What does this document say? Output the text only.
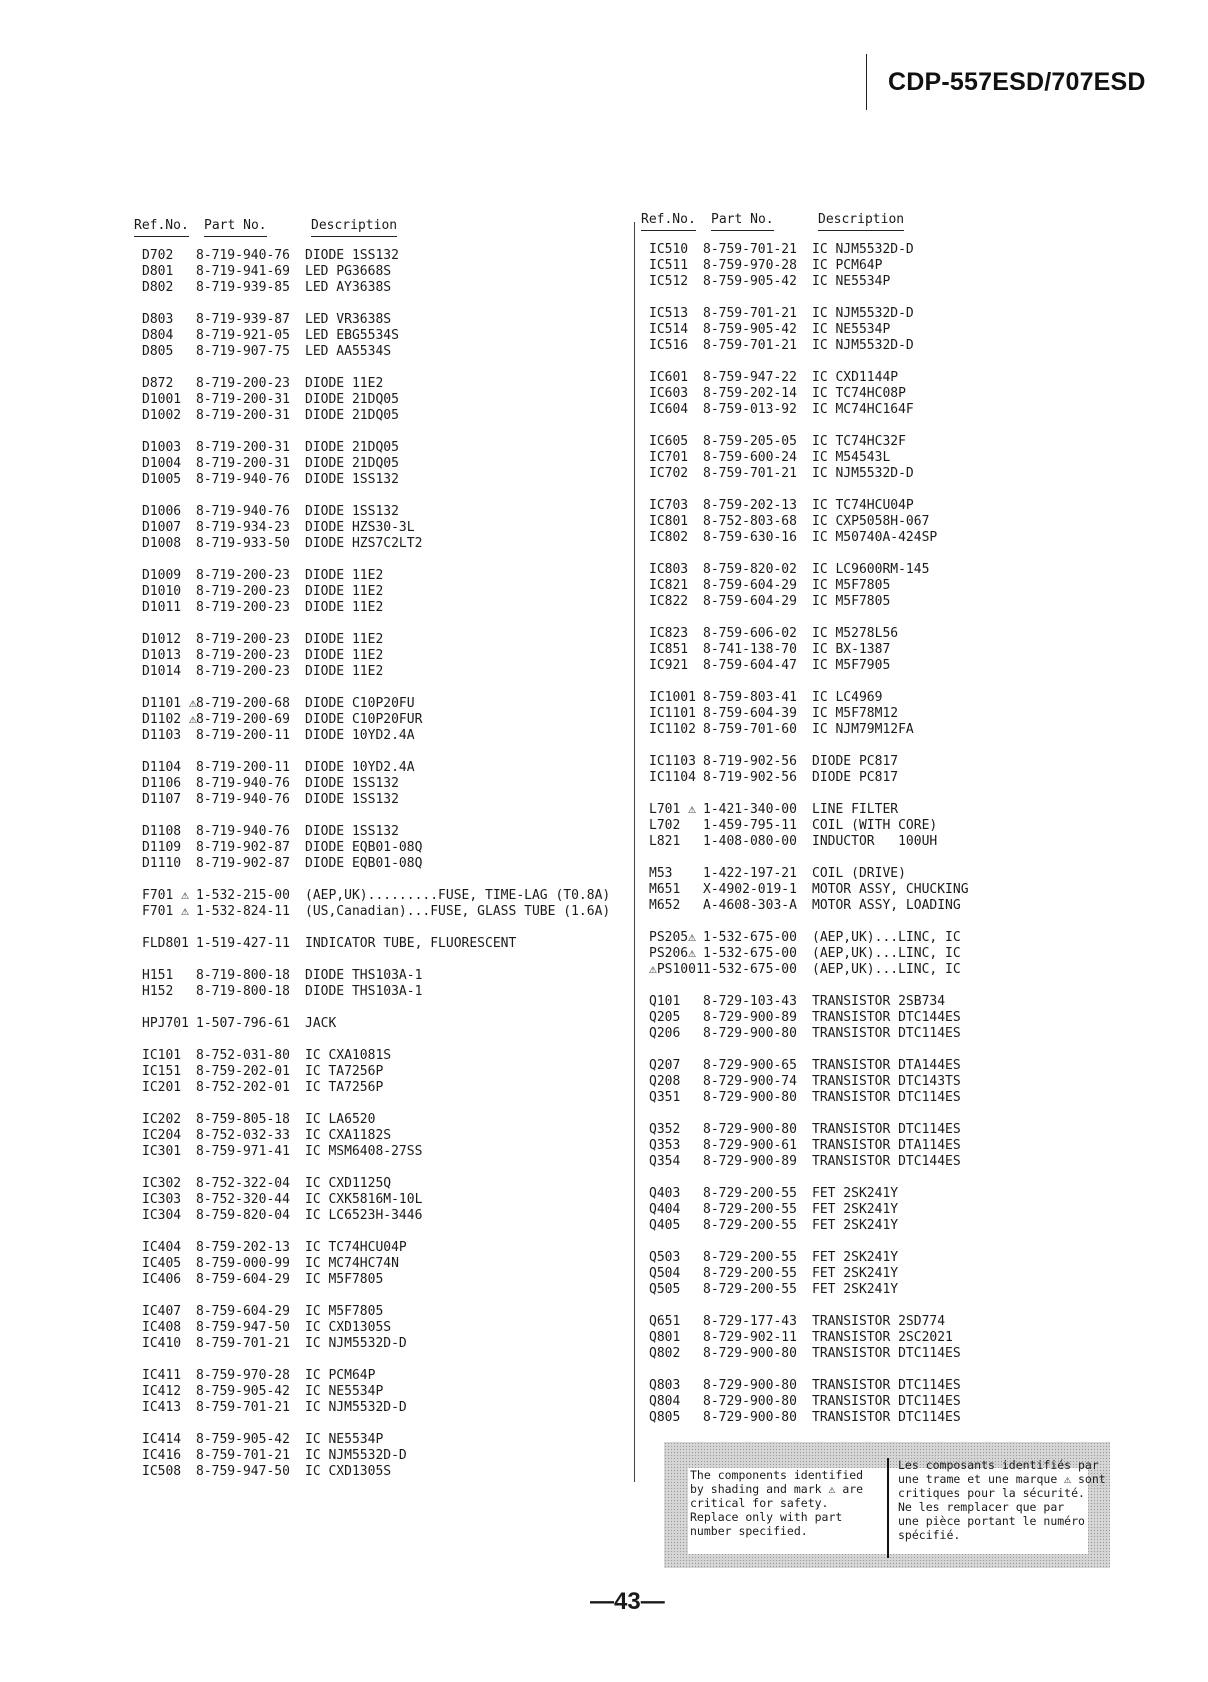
CDP-557ESD/707ESD
Ref.No. Part No.	Description
D702 8-719-940-76 DIODE 1SS132
D801 8-719-941-69 LED PG3668S
D802 8-719-939-85 LED AY3638S
D803 8-719-939-87 LED VR3638S
D804 8-719-921-05 LED EBG5534S
D805 8-719-907-75 LED AA5534S
D872 8-719-200-23 DIODE 11E2
D1001 8-719-200-31 DIODE 21DQ05
D1002 8-719-200-31 DIODE 21DQ05
D1003 8-719-200-31 DIODE 21DQ05
D1004 8-719-200-31 DIODE 21DQ05
D1005 8-719-940-76 DIODE 1SS132
D1006 8-719-940-76 DIODE 1SS132
D1007 8-719-934-23 DIODE HZS30-3L
D1008 8-719-933-50 DIODE HZS7C2LT2
D1009 8-719-200-23 DIODE 11E2
D1010 8-719-200-23 DIODE 11E2
D1011 8-719-200-23 DIODE 11E2
D1012 8-719-200-23 DIODE 11E2
D1013 8-719-200-23 DIODE 11E2
D1014 8-719-200-23 DIODE 11E2
D1101 ⚠ 8-719-200-68 DIODE C10P20FU
D1102 ⚠ 8-719-200-69 DIODE C10P20FUR
D1103 8-719-200-11 DIODE 10YD2.4A
D1104 8-719-200-11 DIODE 10YD2.4A
D1106 8-719-940-76 DIODE 1SS132
D1107 8-719-940-76 DIODE 1SS132
D1108 8-719-940-76 DIODE 1SS132
D1109 8-719-902-87 DIODE EQB01-08Q
D1110 8-719-902-87 DIODE EQB01-08Q
F701 ⚠ 1-532-215-00 (AEP,UK).........FUSE, TIME-LAG (T0.8A)
F701 ⚠ 1-532-824-11 (US,Canadian)...FUSE, GLASS TUBE (1.6A)
FLD801 1-519-427-11 INDICATOR TUBE, FLUORESCENT
H151 8-719-800-18 DIODE THS103A-1
H152 8-719-800-18 DIODE THS103A-1
HPJ701 1-507-796-61 JACK
IC101 8-752-031-80 IC CXA1081S
IC151 8-759-202-01 IC TA7256P
IC201 8-752-202-01 IC TA7256P
IC202 8-759-805-18 IC LA6520
IC204 8-752-032-33 IC CXA1182S
IC301 8-759-971-41 IC MSM6408-27SS
IC302 8-752-322-04 IC CXD1125Q
IC303 8-752-320-44 IC CXK5816M-10L
IC304 8-759-820-04 IC LC6523H-3446
IC404 8-759-202-13 IC TC74HCU04P
IC405 8-759-000-99 IC MC74HC74N
IC406 8-759-604-29 IC M5F7805
IC407 8-759-604-29 IC M5F7805
IC408 8-759-947-50 IC CXD1305S
IC410 8-759-701-21 IC NJM5532D-D
IC411 8-759-970-28 IC PCM64P
IC412 8-759-905-42 IC NE5534P
IC413 8-759-701-21 IC NJM5532D-D
IC414 8-759-905-42 IC NE5534P
IC416 8-759-701-21 IC NJM5532D-D
IC508 8-759-947-50 IC CXD1305S
Ref.No. Part No.	Description
IC510 8-759-701-21 IC NJM5532D-D
IC511 8-759-970-28 IC PCM64P
IC512 8-759-905-42 IC NE5534P
IC513 8-759-701-21 IC NJM5532D-D
IC514 8-759-905-42 IC NE5534P
IC516 8-759-701-21 IC NJM5532D-D
IC601 8-759-947-22 IC CXD1144P
IC603 8-759-202-14 IC TC74HC08P
IC604 8-759-013-92 IC MC74HC164F
IC605 8-759-205-05 IC TC74HC32F
IC701 8-759-600-24 IC M54543L
IC702 8-759-701-21 IC NJM5532D-D
IC703 8-759-202-13 IC TC74HCU04P
IC801 8-752-803-68 IC CXP5058H-067
IC802 8-759-630-16 IC M50740A-424SP
IC803 8-759-820-02 IC LC9600RM-145
IC821 8-759-604-29 IC M5F7805
IC822 8-759-604-29 IC M5F7805
IC823 8-759-606-02 IC M5278L56
IC851 8-741-138-70 IC BX-1387
IC921 8-759-604-47 IC M5F7905
IC1001 8-759-803-41 IC LC4969
IC1101 8-759-604-39 IC M5F78M12
IC1102 8-759-701-60 IC NJM79M12FA
IC1103 8-719-902-56 DIODE PC817
IC1104 8-719-902-56 DIODE PC817
L701 ⚠ 1-421-340-00 LINE FILTER
L702 1-459-795-11 COIL (WITH CORE)
L821 1-408-080-00 INDUCTOR   100UH
M53 1-422-197-21 COIL (DRIVE)
M651 X-4902-019-1 MOTOR ASSY, CHUCKING
M652 A-4608-303-A MOTOR ASSY, LOADING
PS205⚠ 1-532-675-00 (AEP,UK)...LINC, IC
PS206⚠ 1-532-675-00 (AEP,UK)...LINC, IC
⚠PS1001 1-532-675-00 (AEP,UK)...LINC, IC
Q101 8-729-103-43 TRANSISTOR 2SB734
Q205 8-729-900-89 TRANSISTOR DTC144ES
Q206 8-729-900-80 TRANSISTOR DTC114ES
Q207 8-729-900-65 TRANSISTOR DTA144ES
Q208 8-729-900-74 TRANSISTOR DTC143TS
Q351 8-729-900-80 TRANSISTOR DTC114ES
Q352 8-729-900-80 TRANSISTOR DTC114ES
Q353 8-729-900-61 TRANSISTOR DTA114ES
Q354 8-729-900-89 TRANSISTOR DTC144ES
Q403 8-729-200-55 FET 2SK241Y
Q404 8-729-200-55 FET 2SK241Y
Q405 8-729-200-55 FET 2SK241Y
Q503 8-729-200-55 FET 2SK241Y
Q504 8-729-200-55 FET 2SK241Y
Q505 8-729-200-55 FET 2SK241Y
Q651 8-729-177-43 TRANSISTOR 2SD774
Q801 8-729-902-11 TRANSISTOR 2SC2021
Q802 8-729-900-80 TRANSISTOR DTC114ES
Q803 8-729-900-80 TRANSISTOR DTC114ES
Q804 8-729-900-80 TRANSISTOR DTC114ES
Q805 8-729-900-80 TRANSISTOR DTC114ES
The components identified
by shading and mark ⚠ are
critical for safety.
Replace only with part
number specified.
Les composants identifiés par
une trame et une marque ⚠ sont
critiques pour la sécurité.
Ne les remplacer que par
une pièce portant le numéro
spécifié.
—43—
